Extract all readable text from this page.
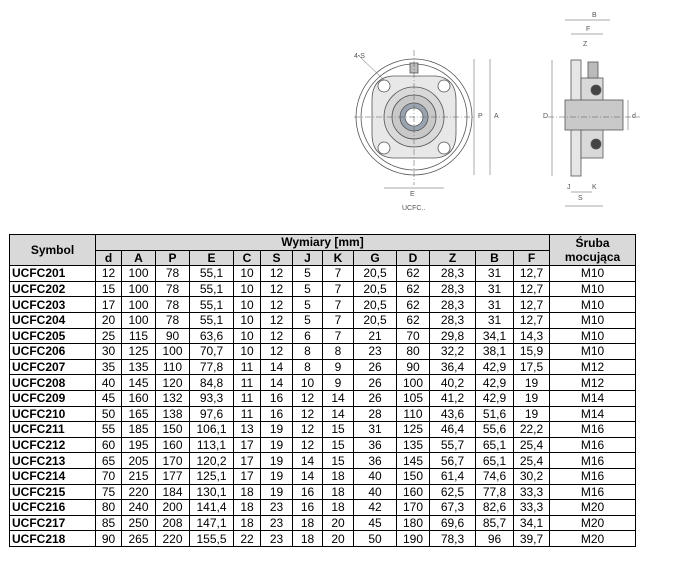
4-S
E
P A
UCFC..
B
F
Z
S
K
J
D	d
Symbol	Wymiary [mm]													Śruba mocująca
	d	A	P	E	C	S	J	K	G	D	Z	B	F	
UCFC201	12	100	78	55,1	10	12	5	7	20,5	62	28,3	31	12,7	M10
UCFC202	15	100	78	55,1	10	12	5	7	20,5	62	28,3	31	12,7	M10
UCFC203	17	100	78	55,1	10	12	5	7	20,5	62	28,3	31	12,7	M10
UCFC204	20	100	78	55,1	10	12	5	7	20,5	62	28,3	31	12,7	M10
UCFC205	25	115	90	63,6	10	12	6	7	21	70	29,8	34,1	14,3	M10
UCFC206	30	125	100	70,7	10	12	8	8	23	80	32,2	38,1	15,9	M10
UCFC207	35	135	110	77,8	11	14	8	9	26	90	36,4	42,9	17,5	M12
UCFC208	40	145	120	84,8	11	14	10	9	26	100	40,2	42,9	19	M12
UCFC209	45	160	132	93,3	11	16	12	14	26	105	41,2	42,9	19	M14
UCFC210	50	165	138	97,6	11	16	12	14	28	110	43,6	51,6	19	M14
UCFC211	55	185	150	106,1	13	19	12	15	31	125	46,4	55,6	22,2	M16
UCFC212	60	195	160	113,1	17	19	12	15	36	135	55,7	65,1	25,4	M16
UCFC213	65	205	170	120,2	17	19	14	15	36	145	56,7	65,1	25,4	M16
UCFC214	70	215	177	125,1	17	19	14	18	40	150	61,4	74,6	30,2	M16
UCFC215	75	220	184	130,1	18	19	16	18	40	160	62,5	77,8	33,3	M16
UCFC216	80	240	200	141,4	18	23	16	18	42	170	67,3	82,6	33,3	M20
UCFC217	85	250	208	147,1	18	23	18	20	45	180	69,6	85,7	34,1	M20
UCFC218	90	265	220	155,5	22	23	18	20	50	190	78,3	96	39,7	M20
